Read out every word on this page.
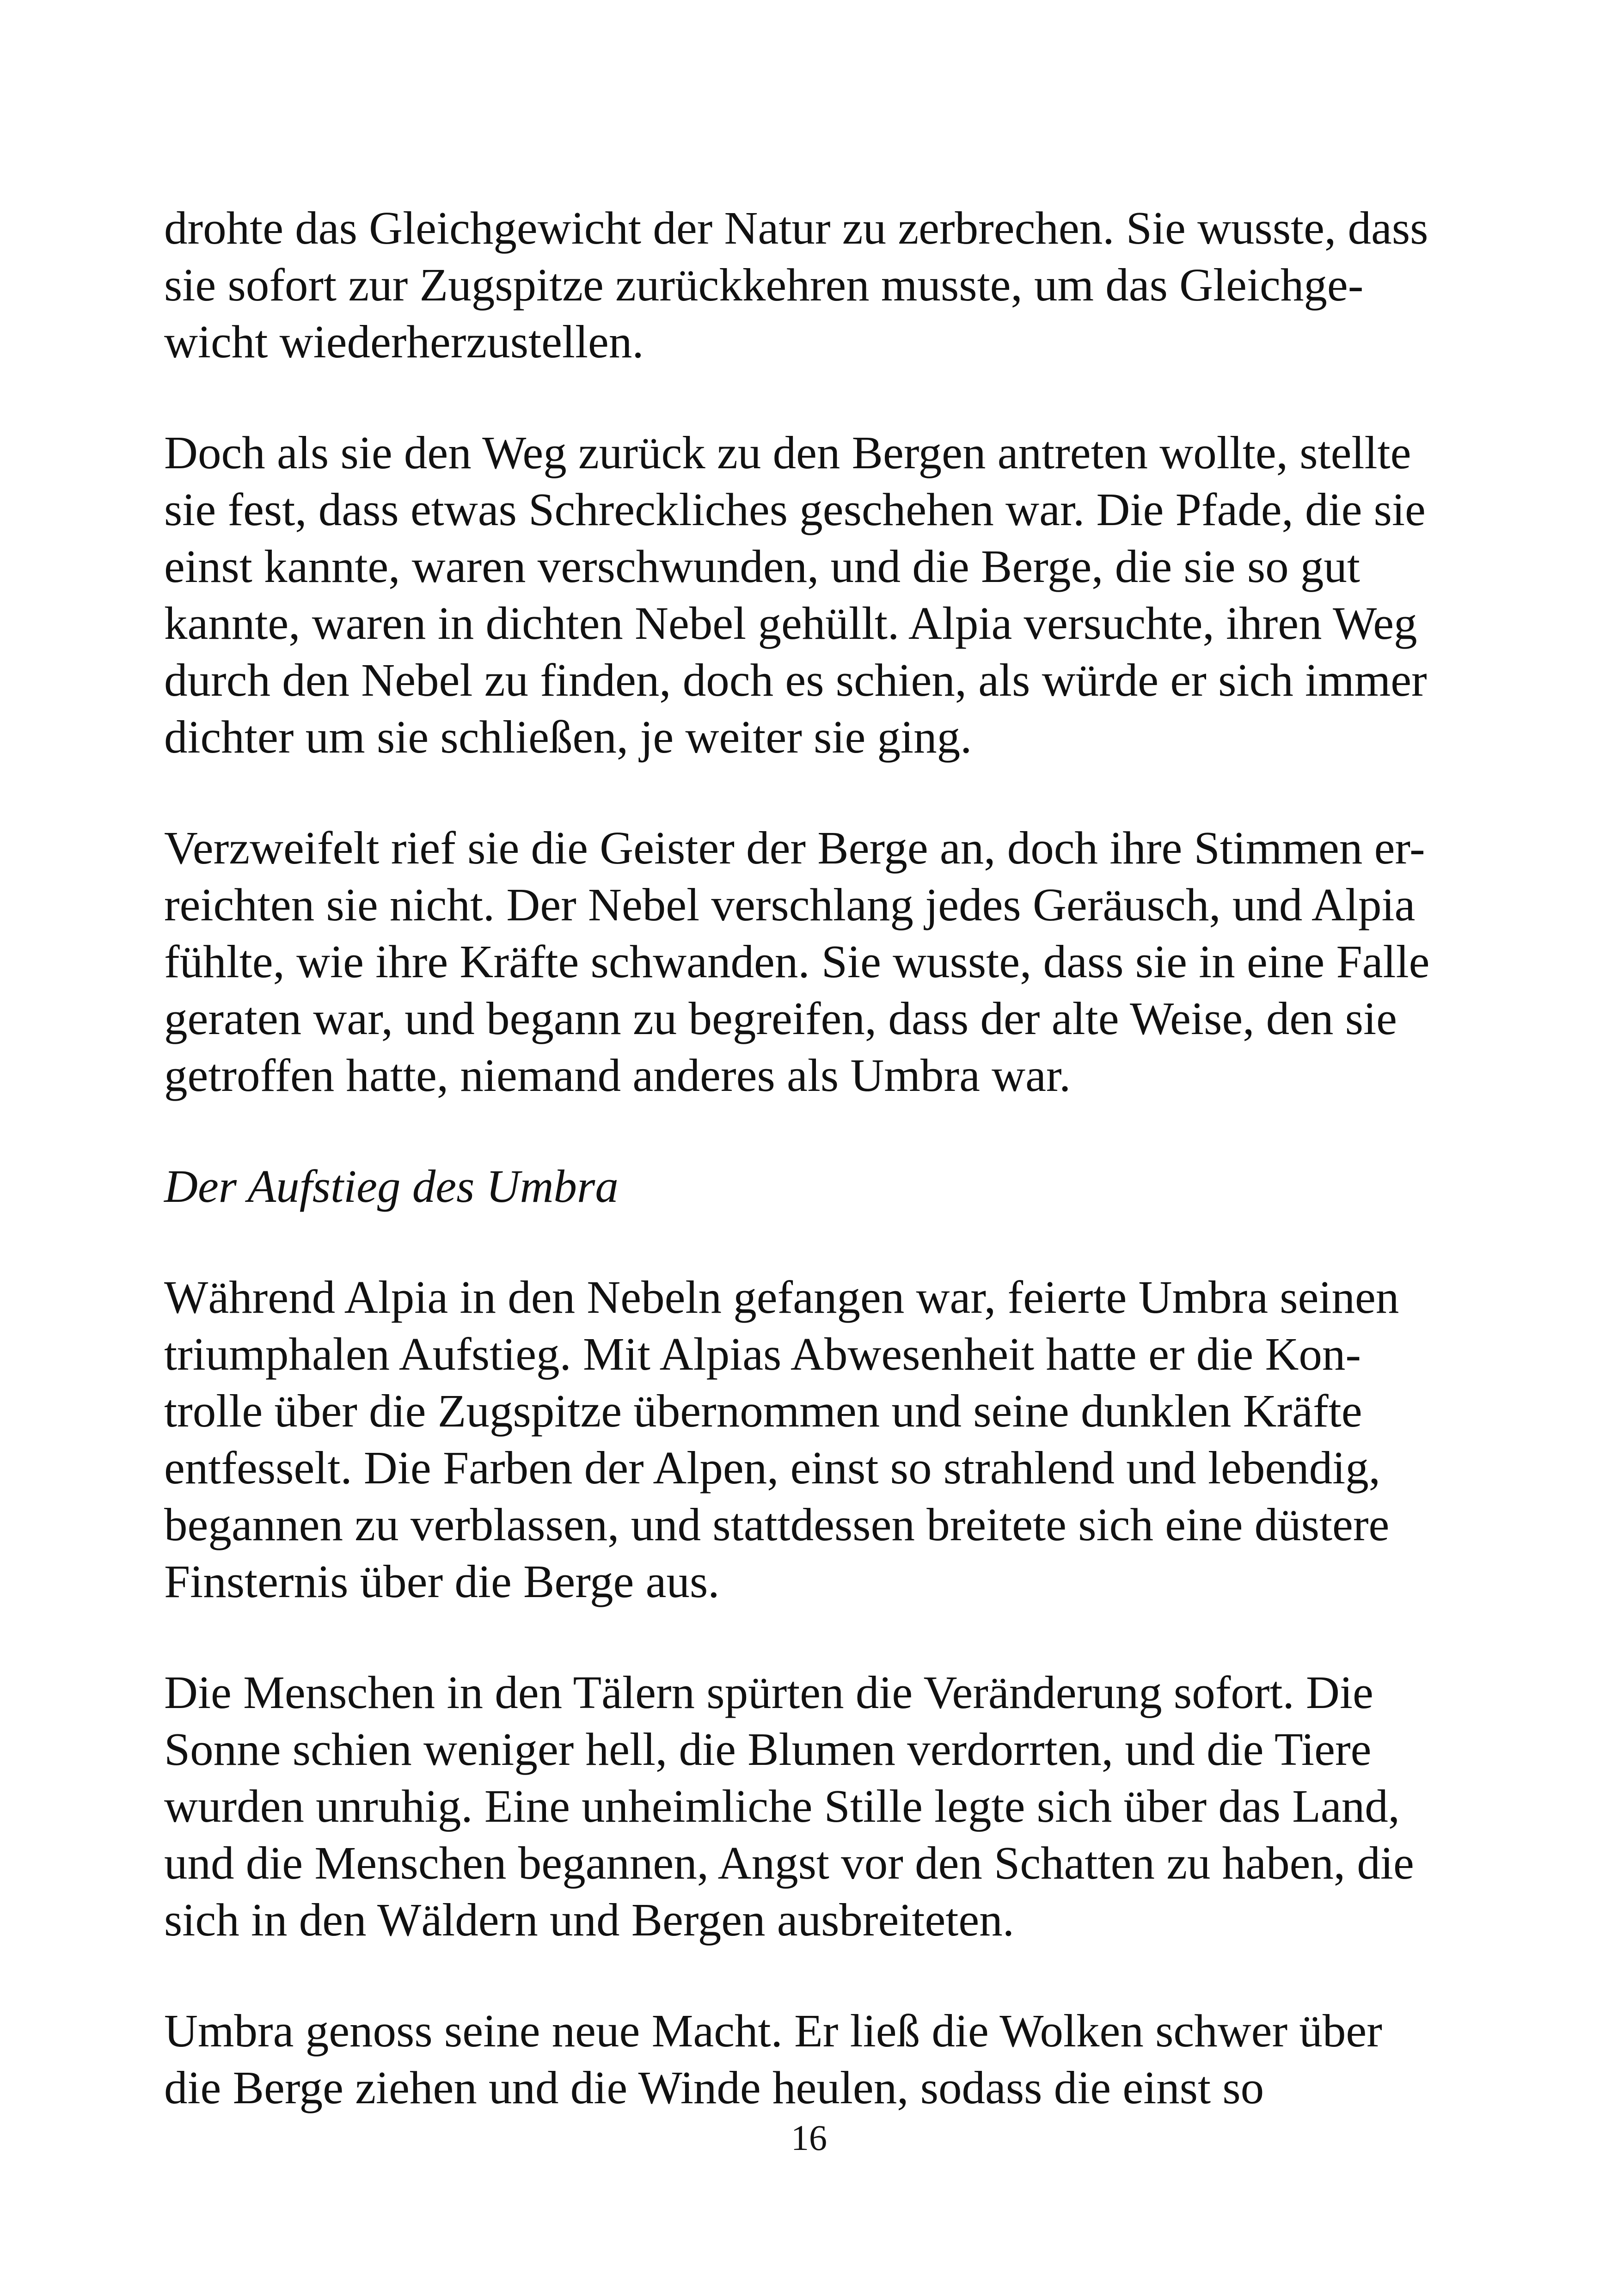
drohte das Gleichgewicht der Natur zu zerbrechen. Sie wusste, dass
sie sofort zur Zugspitze zurückkehren musste, um das Gleichge-
wicht wiederherzustellen.

Doch als sie den Weg zurück zu den Bergen antreten wollte, stellte
sie fest, dass etwas Schreckliches geschehen war. Die Pfade, die sie
einst kannte, waren verschwunden, und die Berge, die sie so gut
kannte, waren in dichten Nebel gehüllt. Alpia versuchte, ihren Weg
durch den Nebel zu finden, doch es schien, als würde er sich immer
dichter um sie schließen, je weiter sie ging.

Verzweifelt rief sie die Geister der Berge an, doch ihre Stimmen er-
reichten sie nicht. Der Nebel verschlang jedes Geräusch, und Alpia
fühlte, wie ihre Kräfte schwanden. Sie wusste, dass sie in eine Falle
geraten war, und begann zu begreifen, dass der alte Weise, den sie
getroffen hatte, niemand anderes als Umbra war.

Der Aufstieg des Umbra

Während Alpia in den Nebeln gefangen war, feierte Umbra seinen
triumphalen Aufstieg. Mit Alpias Abwesenheit hatte er die Kon-
trolle über die Zugspitze übernommen und seine dunklen Kräfte
entfesselt. Die Farben der Alpen, einst so strahlend und lebendig,
begannen zu verblassen, und stattdessen breitete sich eine düstere
Finsternis über die Berge aus.

Die Menschen in den Tälern spürten die Veränderung sofort. Die
Sonne schien weniger hell, die Blumen verdorrten, und die Tiere
wurden unruhig. Eine unheimliche Stille legte sich über das Land,
und die Menschen begannen, Angst vor den Schatten zu haben, die
sich in den Wäldern und Bergen ausbreiteten.

Umbra genoss seine neue Macht. Er ließ die Wolken schwer über
die Berge ziehen und die Winde heulen, sodass die einst so

16
